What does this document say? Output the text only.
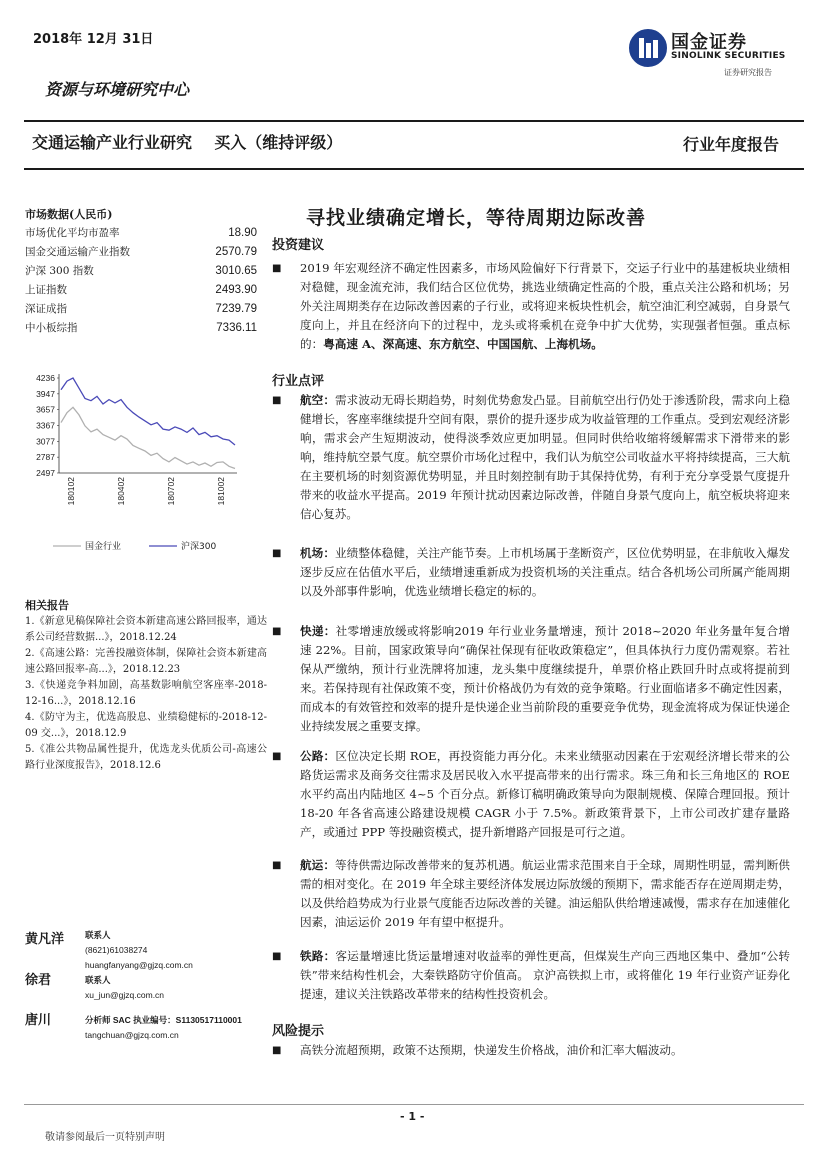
2018年 12月 31日	国金证券
SINOLINK SECURITIES
证券研究报告
资源与环境研究中心
交通运输产业行业研究    买入（维持评级）	行业年度报告
市场数据(人民币)
市场优化平均市盈率	18.90
国金交通运输产业指数	2570.79
沪深 300 指数	3010.65
上证指数	2493.90
深证成指	7239.79
中小板综指	7336.11
4236
3947
3657
3367
3077
2787
2497
180102	180402	180702	181002
国金行业	沪深300
相关报告
1.《新意见稿保障社会资本新建高速公路回报率，通达系公司经营数据...》，2018.12.24
2.《高速公路：完善投融资体制，保障社会资本新建高速公路回报率-高...》，2018.12.23
3.《快递竞争料加剧，高基数影响航空客座率-2018-12-16...》，2018.12.16
4.《防守为主，优选高股息、业绩稳健标的-2018-12-09 交...》，2018.12.9
5.《准公共物品属性提升，优选龙头优质公司-高速公路行业深度报告》，2018.12.6
黄凡洋 联系人
(8621)61038274
huangfanyang@gjzq.com.cn
徐君	联系人
xu_jun@gjzq.com.cn
唐川	分析师 SAC 执业编号：S1130517110001
tangchuan@gjzq.com.cn
寻找业绩确定增长，等待周期边际改善
投资建议
■ 2019 年宏观经济不确定性因素多，市场风险偏好下行背景下，交运子行业中的基建板块业绩相对稳健，现金流充沛，我们结合区位优势，挑选业绩确定性高的个股，重点关注公路和机场；另外关注周期类存在边际改善因素的子行业，或将迎来板块性机会，航空油汇利空减弱，自身景气度向上，并且在经济向下的过程中，龙头或将乘机在竞争中扩大优势，实现强者恒强。重点标的：粤高速 A、深高速、东方航空、中国国航、上海机场。
行业点评
■ 航空：需求波动无碍长期趋势，时刻优势愈发凸显。目前航空出行仍处于渗透阶段，需求向上稳健增长，客座率继续提升空间有限，票价的提升逐步成为收益管理的工作重点。受到宏观经济影响，需求会产生短期波动，使得淡季效应更加明显。但同时供给收缩将缓解需求下滑带来的影响，维持航空景气度。航空票价市场化过程中，我们认为航空公司收益水平将持续提高，三大航在主要机场的时刻资源优势明显，并且时刻控制有助于其保持优势，有利于充分享受景气度提升带来的收益水平提高。2019 年预计扰动因素边际改善，伴随自身景气度向上，航空板块将迎来信心复苏。
■ 机场：业绩整体稳健，关注产能节奏。上市机场属于垄断资产，区位优势明显，在非航收入爆发逐步反应在估值水平后，业绩增速重新成为投资机场的关注重点。结合各机场公司所属产能周期以及外部事件影响，优选业绩增长稳定的标的。
■ 快递：社零增速放缓或将影响2019 年行业业务量增速，预计 2018~2020 年业务量年复合增速 22%。目前，国家政策导向“确保社保现有征收政策稳定”，但具体执行力度仍需观察。若社保从严缴纳，预计行业洗牌将加速，龙头集中度继续提升，单票价格止跌回升时点或将提前到来。若保持现有社保政策不变，预计价格战仍为有效的竞争策略。行业面临诸多不确定性因素，而成本的有效管控和效率的提升是快递企业当前阶段的重要竞争优势，现金流将成为保证快递企业持续发展之重要支撑。
■ 公路：区位决定长期 ROE，再投资能力再分化。未来业绩驱动因素在于宏观经济增长带来的公路货运需求及商务交往需求及居民收入水平提高带来的出行需求。珠三角和长三角地区的 ROE 水平约高出内陆地区 4~5 个百分点。新修订稿明确政策导向为限制规模、保障合理回报。预计 18-20 年各省高速公路建设规模 CAGR 小于 7.5%。新政策背景下，上市公司改扩建存量路产，或通过 PPP 等投融资模式，提升新增路产回报是可行之道。
■ 航运：等待供需边际改善带来的复苏机遇。航运业需求范围来自于全球，周期性明显，需判断供需的相对变化。在 2019 年全球主要经济体发展边际放缓的预期下，需求能否存在逆周期走势，以及供给趋势成为行业景气度能否边际改善的关键。油运船队供给增速减慢，需求存在加速催化因素，油运运价 2019 年有望中枢提升。
■ 铁路：客运量增速比货运量增速对收益率的弹性更高，但煤炭生产向三西地区集中、叠加“公转铁”带来结构性机会，大秦铁路防守价值高。 京沪高铁拟上市，或将催化 19 年行业资产证券化提速，建议关注铁路改革带来的结构性投资机会。
风险提示
■ 高铁分流超预期，政策不达预期，快递发生价格战，油价和汇率大幅波动。
- 1 -
敬请参阅最后一页特别声明
